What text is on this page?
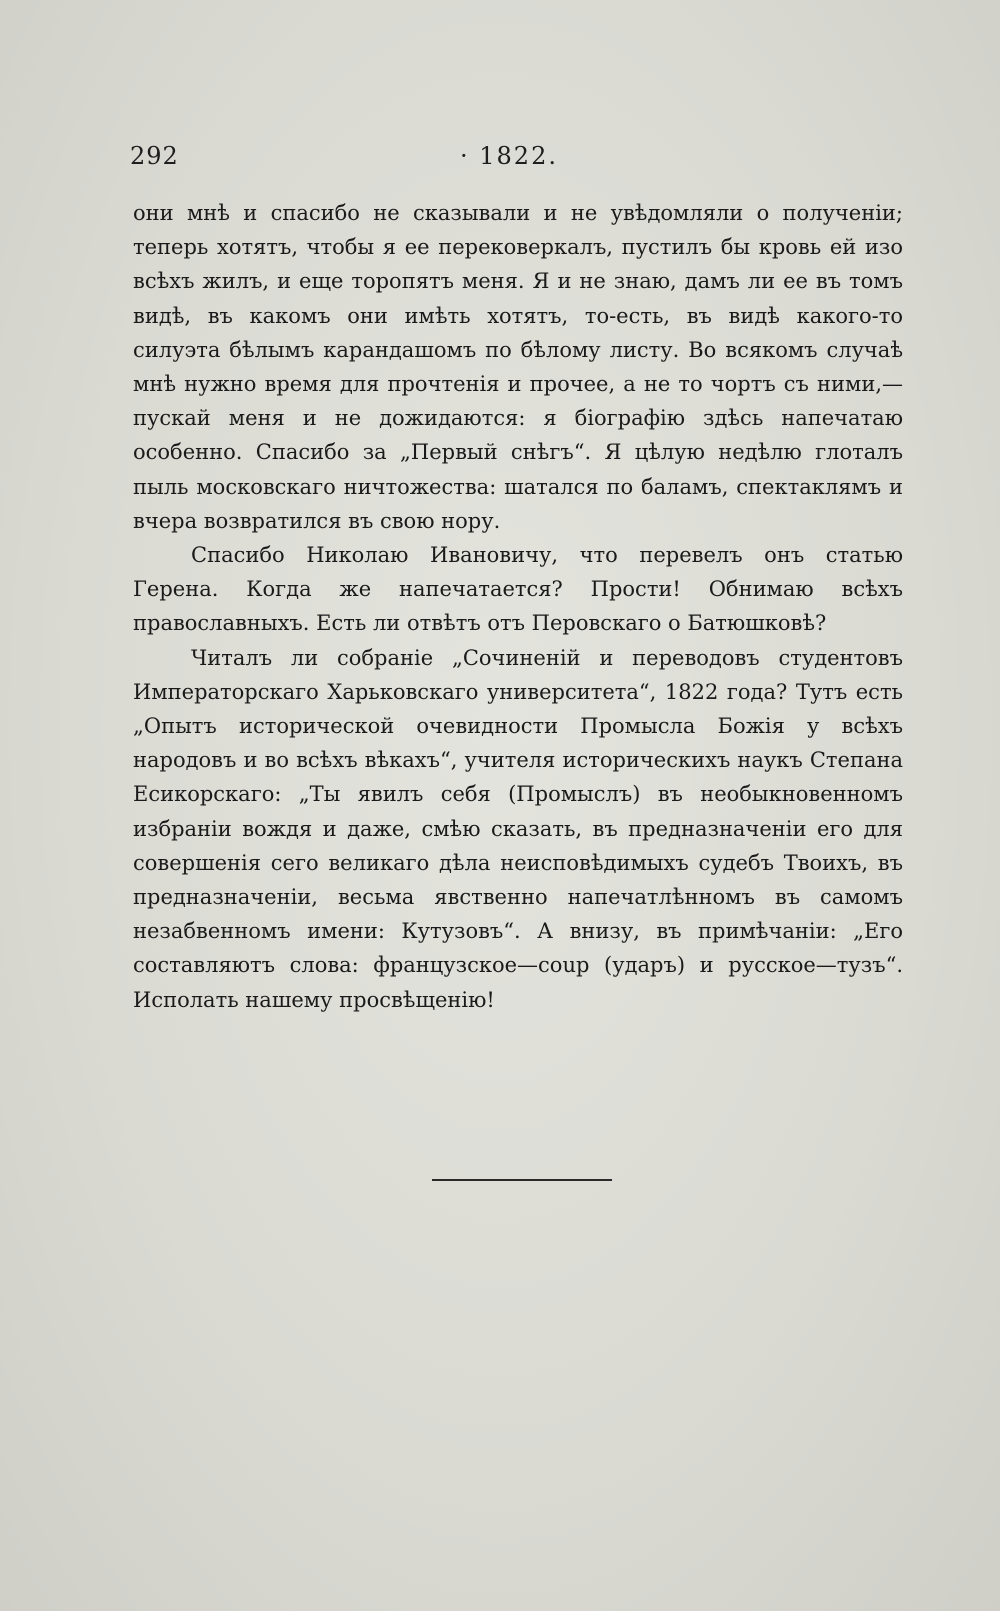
292	· 1822.

они мнѣ и спасибо не сказывали и не увѣдомляли о полученіи; теперь хотятъ, чтобы я ее перековеркалъ, пустилъ бы кровь ей изо всѣхъ жилъ, и еще торопятъ меня. Я и не знаю, дамъ ли ее въ томъ видѣ, въ какомъ они имѣть хотятъ, то-есть, въ видѣ какого-то силуэта бѣлымъ карандашомъ по бѣлому листу. Во всякомъ случаѣ мнѣ нужно время для прочтенія и прочее, а не то чортъ съ ними,—пускай меня и не дожидаются: я біографію здѣсь напечатаю особенно. Спасибо за „Первый снѣгъ“. Я цѣлую недѣлю глоталъ пыль московскаго ничтожества: шатался по баламъ, спектаклямъ и вчера возвратился въ свою нору.

Спасибо Николаю Ивановичу, что перевелъ онъ статью Герена. Когда же напечатается? Прости! Обнимаю всѣхъ православныхъ. Есть ли отвѣтъ отъ Перовскаго о Батюшковѣ?

Читалъ ли собраніе „Сочиненій и переводовъ студентовъ Императорскаго Харьковскаго университета“, 1822 года? Тутъ есть „Опытъ исторической очевидности Промысла Божія у всѣхъ народовъ и во всѣхъ вѣкахъ“, учителя историческихъ наукъ Степана Есикорскаго: „Ты явилъ себя (Промыслъ) въ необыкновенномъ избраніи вождя и даже, смѣю сказать, въ предназначеніи его для совершенія сего великаго дѣла неисповѣдимыхъ судебъ Твоихъ, въ предназначеніи, весьма явственно напечатлѣнномъ въ самомъ незабвенномъ имени: Кутузовъ“. А внизу, въ примѣчаніи: „Его составляютъ слова: французское—coup (ударъ) и русское—тузъ“. Исполать нашему просвѣщенію!
